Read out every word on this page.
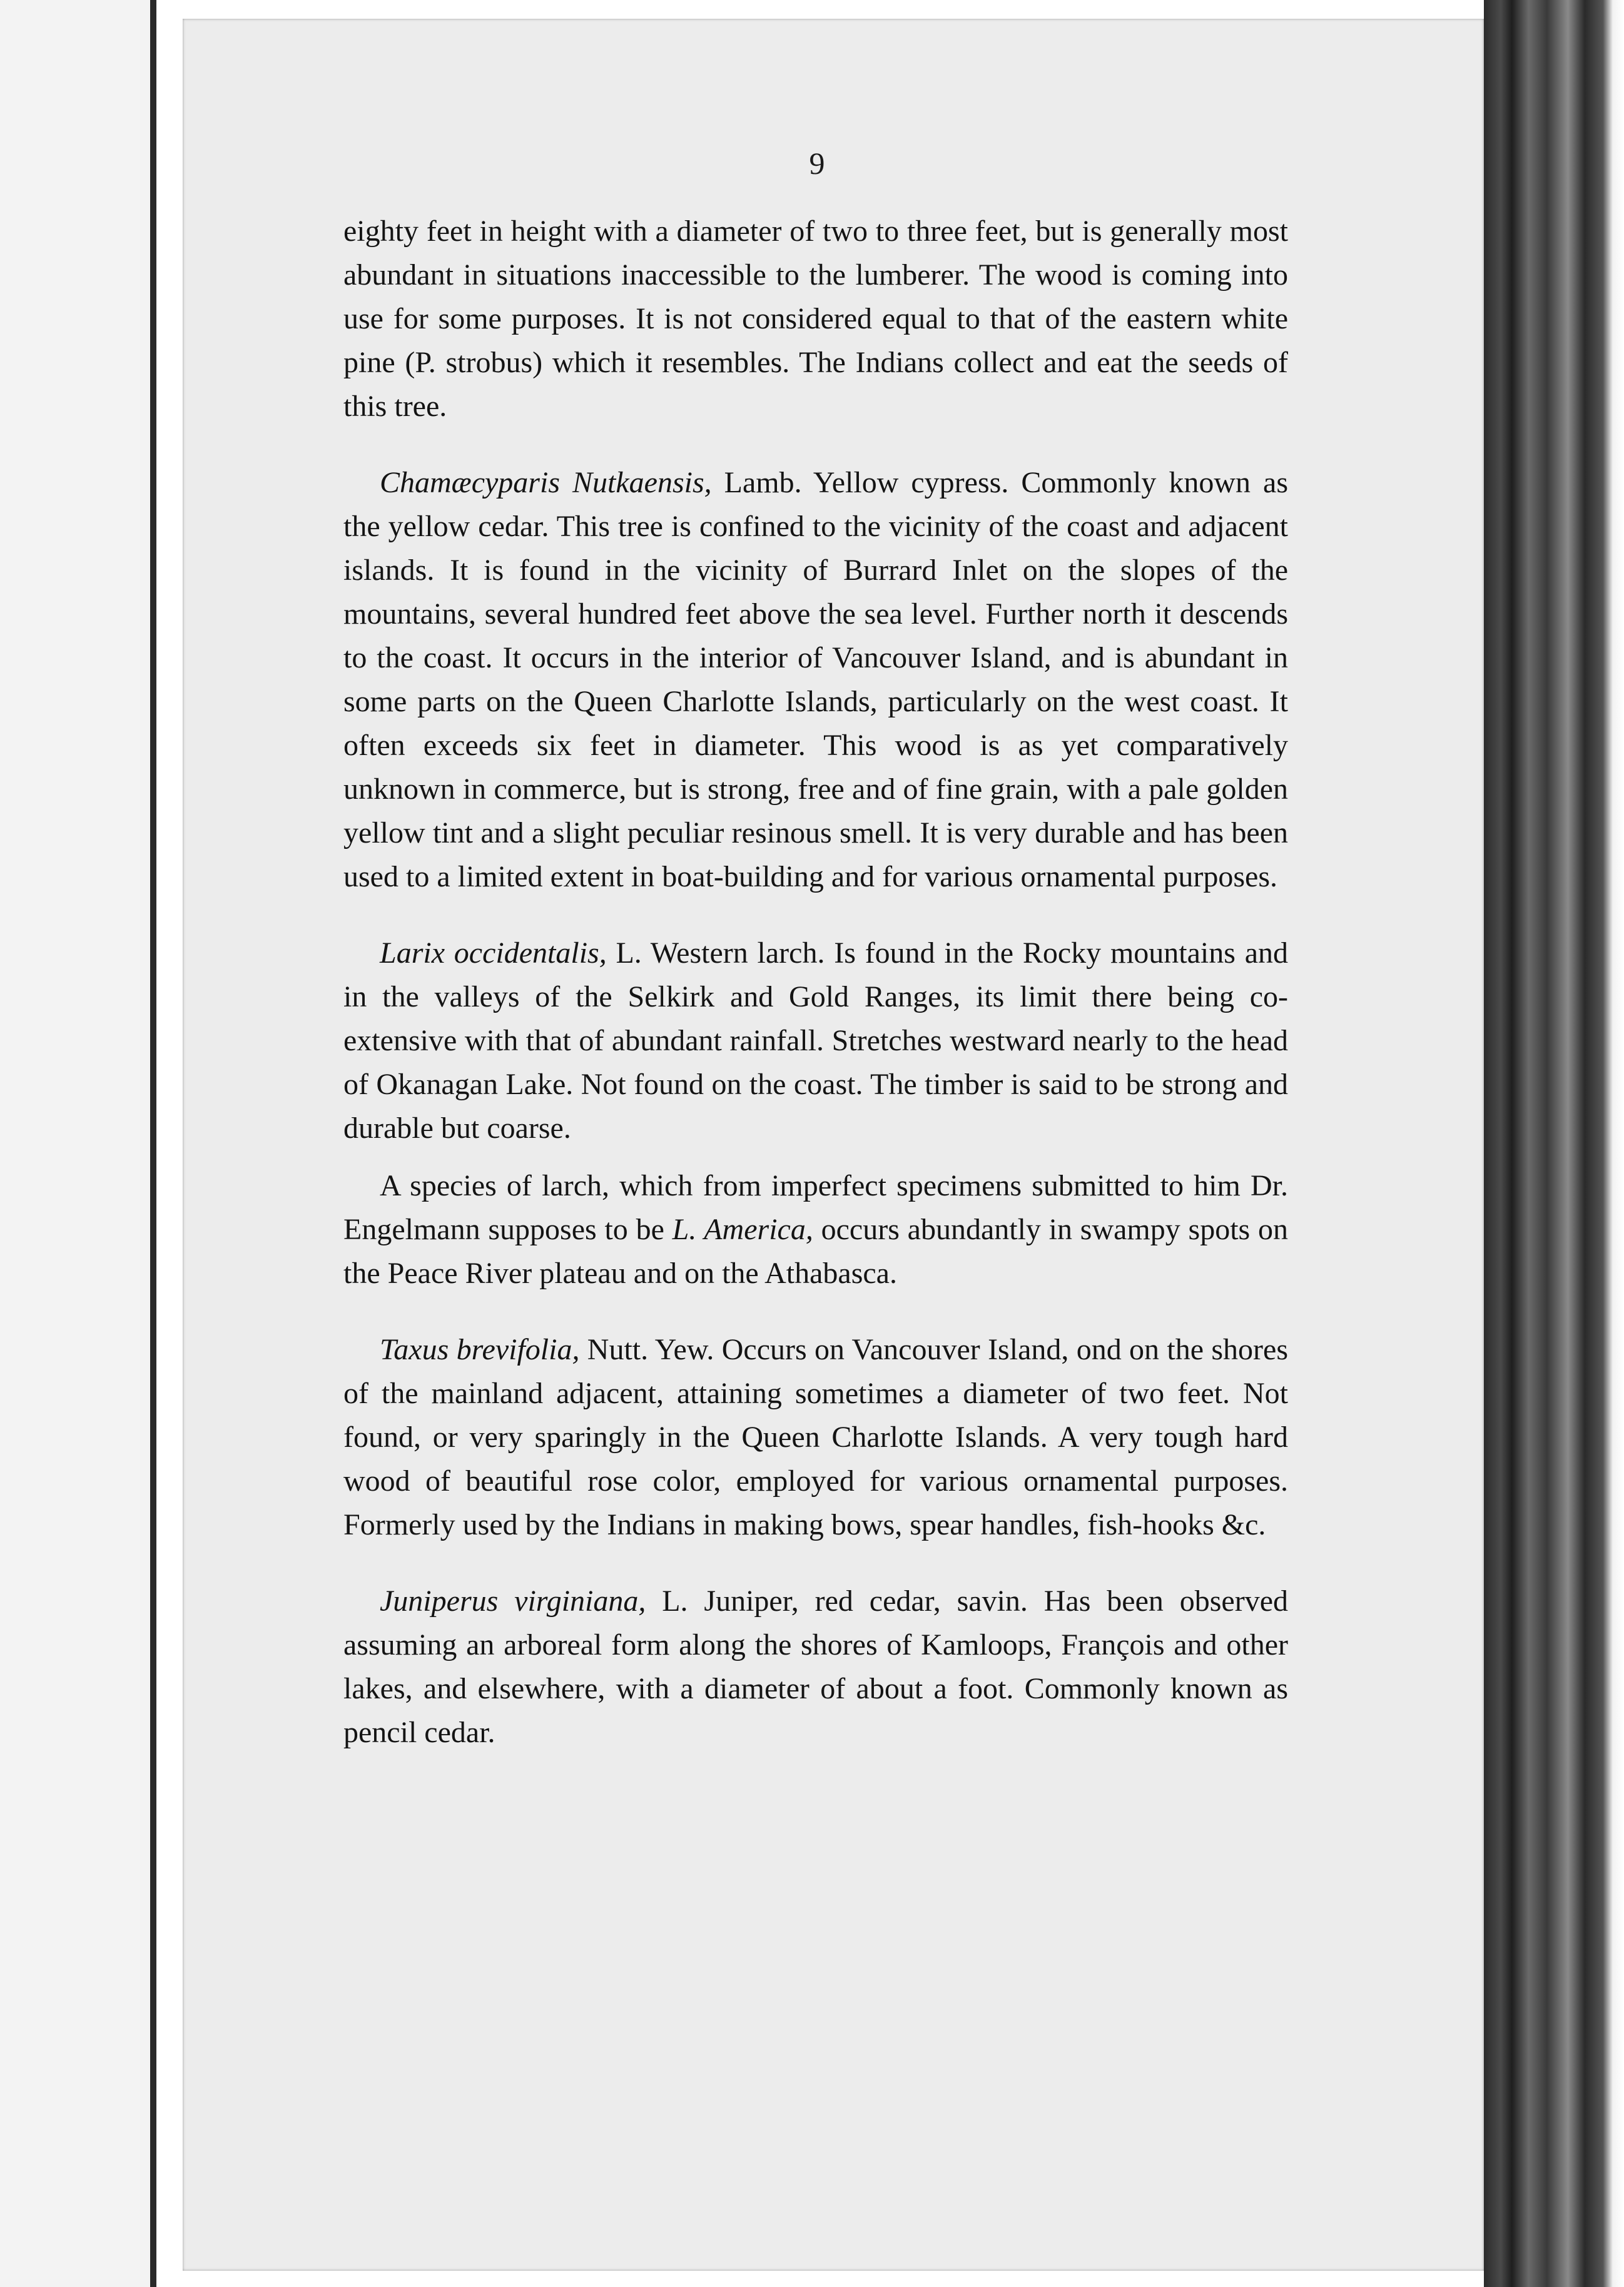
9

eighty feet in height with a diameter of two to three feet, but is generally most abundant in situations inaccessible to the lumberer. The wood is coming into use for some purposes. It is not considered equal to that of the eastern white pine (P. strobus) which it resembles. The Indians collect and eat the seeds of this tree.

Chamæcyparis Nutkaensis, Lamb. Yellow cypress. Commonly known as the yellow cedar. This tree is confined to the vicinity of the coast and adjacent islands. It is found in the vicinity of Burrard Inlet on the slopes of the mountains, several hundred feet above the sea level. Further north it descends to the coast. It occurs in the interior of Vancouver Island, and is abundant in some parts on the Queen Charlotte Islands, particularly on the west coast. It often exceeds six feet in diameter. This wood is as yet comparatively unknown in commerce, but is strong, free and of fine grain, with a pale golden yellow tint and a slight peculiar resinous smell. It is very durable and has been used to a limited extent in boat-building and for various ornamental purposes.

Larix occidentalis, L. Western larch. Is found in the Rocky mountains and in the valleys of the Selkirk and Gold Ranges, its limit there being co-extensive with that of abundant rainfall. Stretches westward nearly to the head of Okanagan Lake. Not found on the coast. The timber is said to be strong and durable but coarse.

A species of larch, which from imperfect specimens submitted to him Dr. Engelmann supposes to be L. America, occurs abundantly in swampy spots on the Peace River plateau and on the Athabasca.

Taxus brevifolia, Nutt. Yew. Occurs on Vancouver Island, ond on the shores of the mainland adjacent, attaining sometimes a diameter of two feet. Not found, or very sparingly in the Queen Charlotte Islands. A very tough hard wood of beautiful rose color, employed for various ornamental purposes. Formerly used by the Indians in making bows, spear handles, fish-hooks &c.

Juniperus virginiana, L. Juniper, red cedar, savin. Has been observed assuming an arboreal form along the shores of Kamloops, François and other lakes, and elsewhere, with a diameter of about a foot. Commonly known as pencil cedar.
